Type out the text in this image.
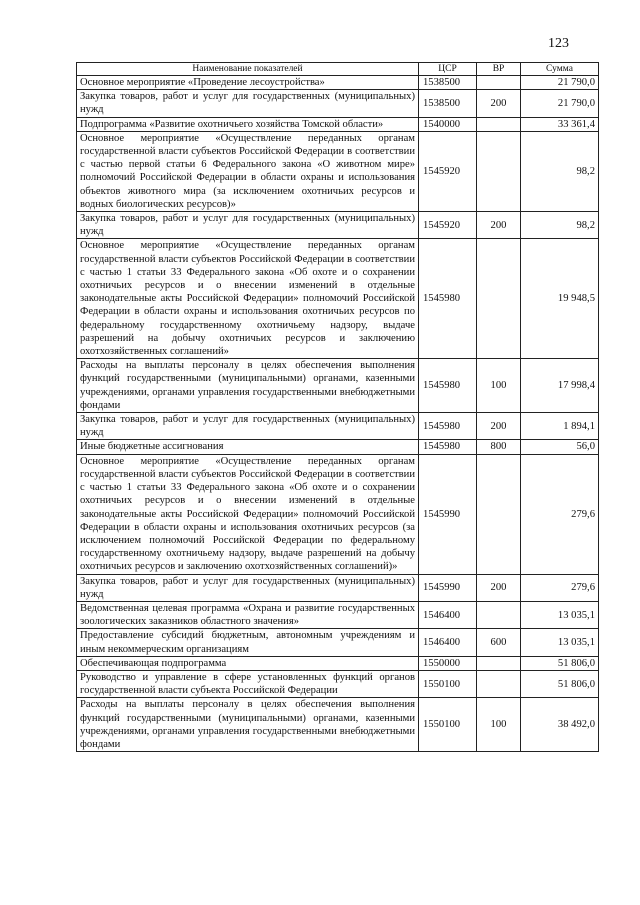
123
Наименование показателей	ЦСР	ВР	Сумма
Основное мероприятие «Проведение лесоустройства»	1538500		21 790,0
Закупка товаров, работ и услуг для государственных (муниципальных) нужд	1538500	200	21 790,0
Подпрограмма «Развитие охотничьего хозяйства Томской области»	1540000		33 361,4
Основное мероприятие «Осуществление переданных органам государственной власти субъектов Российской Федерации в соответствии с частью первой статьи 6 Федерального закона «О животном мире» полномочий Российской Федерации в области охраны и использования объектов животного мира (за исключением охотничьих ресурсов и водных биологических ресурсов)»	1545920		98,2
Закупка товаров, работ и услуг для государственных (муниципальных) нужд	1545920	200	98,2
Основное мероприятие «Осуществление переданных органам государственной власти субъектов Российской Федерации в соответствии с частью 1 статьи 33 Федерального закона «Об охоте и о сохранении охотничьих ресурсов и о внесении изменений в отдельные законодательные акты Российской Федерации» полномочий Российской Федерации в области охраны и использования охотничьих ресурсов по федеральному государственному охотничьему надзору, выдаче разрешений на добычу охотничьих ресурсов и заключению охотхозяйственных соглашений»	1545980		19 948,5
Расходы на выплаты персоналу в целях обеспечения выполнения функций государственными (муниципальными) органами, казенными учреждениями, органами управления государственными внебюджетными фондами	1545980	100	17 998,4
Закупка товаров, работ и услуг для государственных (муниципальных) нужд	1545980	200	1 894,1
Иные бюджетные ассигнования	1545980	800	56,0
Основное мероприятие «Осуществление переданных органам государственной власти субъектов Российской Федерации в соответствии с частью 1 статьи 33 Федерального закона «Об охоте и о сохранении охотничьих ресурсов и о внесении изменений в отдельные законодательные акты Российской Федерации» полномочий Российской Федерации в области охраны и использования охотничьих ресурсов (за исключением полномочий Российской Федерации по федеральному государственному охотничьему надзору, выдаче разрешений на добычу охотничьих ресурсов и заключению охотхозяйственных соглашений)»	1545990		279,6
Закупка товаров, работ и услуг для государственных (муниципальных) нужд	1545990	200	279,6
Ведомственная целевая программа «Охрана и развитие государственных зоологических заказников областного значения»	1546400		13 035,1
Предоставление субсидий бюджетным, автономным учреждениям и иным некоммерческим организациям	1546400	600	13 035,1
Обеспечивающая подпрограмма	1550000		51 806,0
Руководство и управление в сфере установленных функций органов государственной власти субъекта Российской Федерации	1550100		51 806,0
Расходы на выплаты персоналу в целях обеспечения выполнения функций государственными (муниципальными) органами, казенными учреждениями, органами управления государственными внебюджетными фондами	1550100	100	38 492,0
